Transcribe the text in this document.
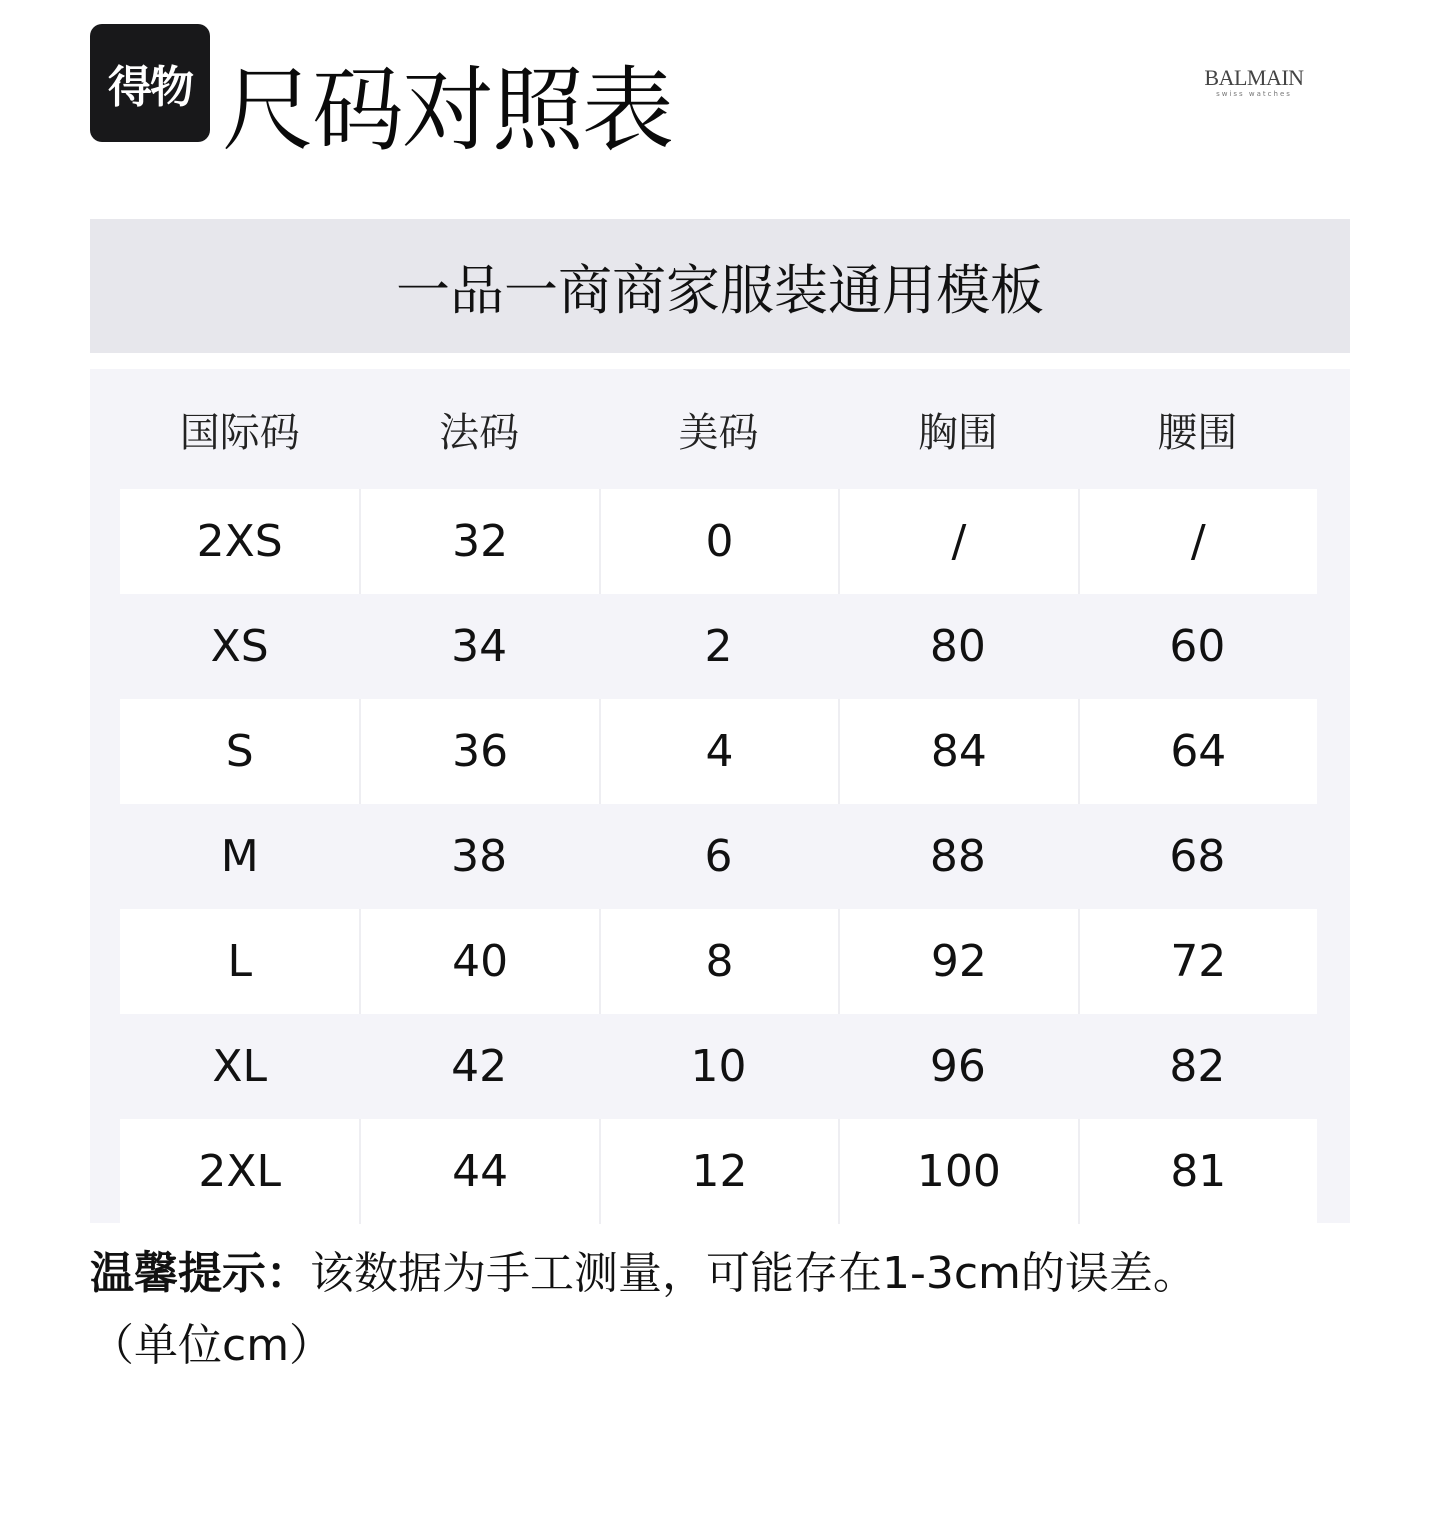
得物 尺码对照表	BALMAIN
swiss watches
一品一商商家服装通用模板
国际码	法码	美码	胸围	腰围
2XS	32	0	/	/
XS	34	2	80	60
S	36	4	84	64
M	38	6	88	68
L	40	8	92	72
XL	42	10	96	82
2XL	44	12	100	81
温馨提示：该数据为手工测量，可能存在1-3cm的误差。
（单位cm）
